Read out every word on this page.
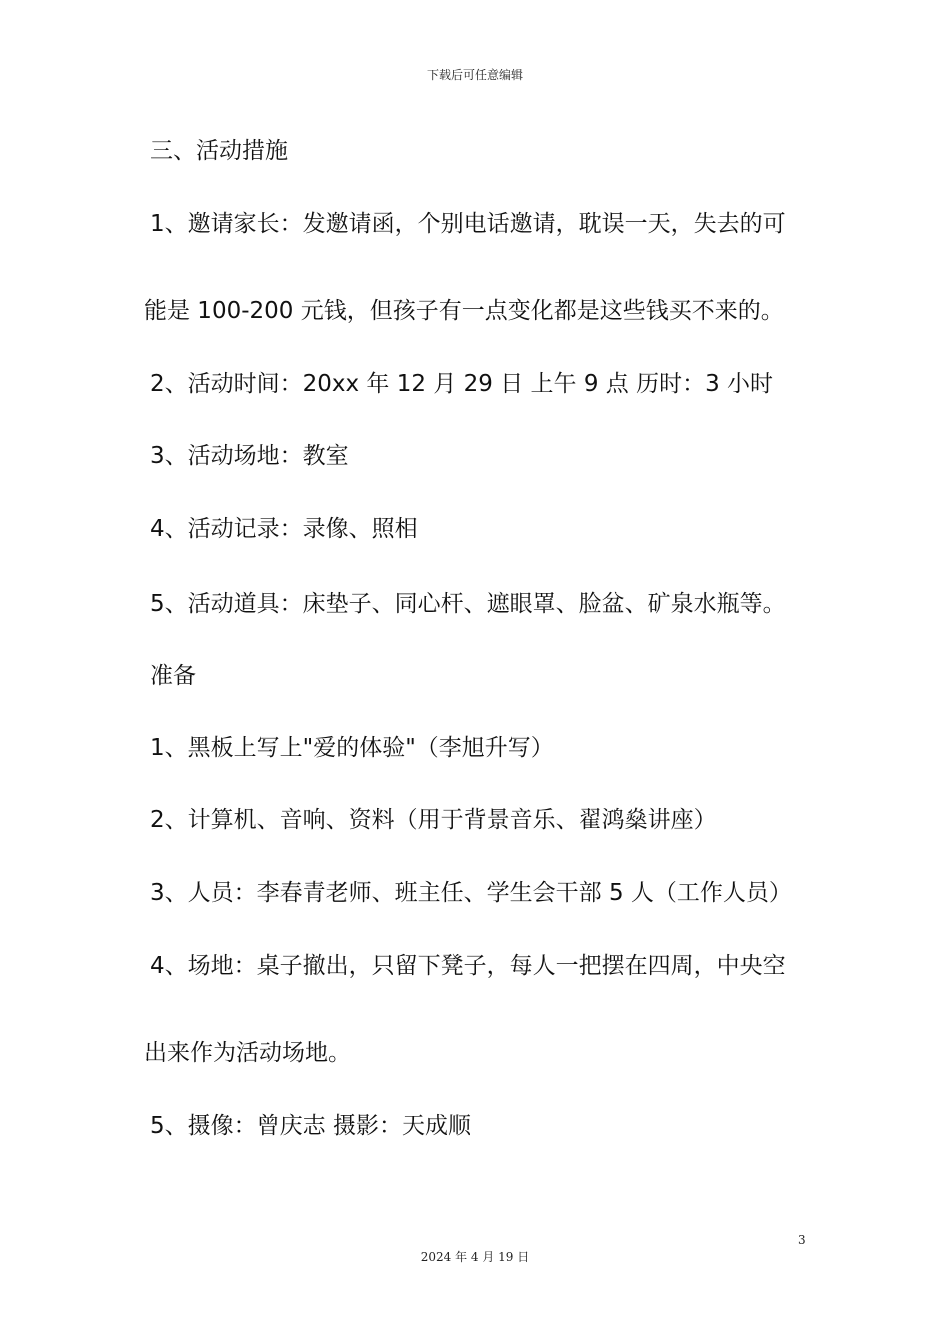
下载后可任意编辑
三、活动措施
1、邀请家长：发邀请函，个别电话邀请，耽误一天，失去的可
能是 100-200 元钱，但孩子有一点变化都是这些钱买不来的。
2、活动时间：20xx 年 12 月 29 日 上午 9 点 历时：3 小时
3、活动场地：教室
4、活动记录：录像、照相
5、活动道具：床垫子、同心杆、遮眼罩、脸盆、矿泉水瓶等。
准备
1、黑板上写上"爱的体验"（李旭升写）
2、计算机、音响、资料（用于背景音乐、翟鸿燊讲座）
3、人员：李春青老师、班主任、学生会干部 5 人（工作人员）
4、场地：桌子撤出，只留下凳子，每人一把摆在四周，中央空
出来作为活动场地。
5、摄像：曾庆志 摄影：天成顺
3
2024 年 4 月 19 日
